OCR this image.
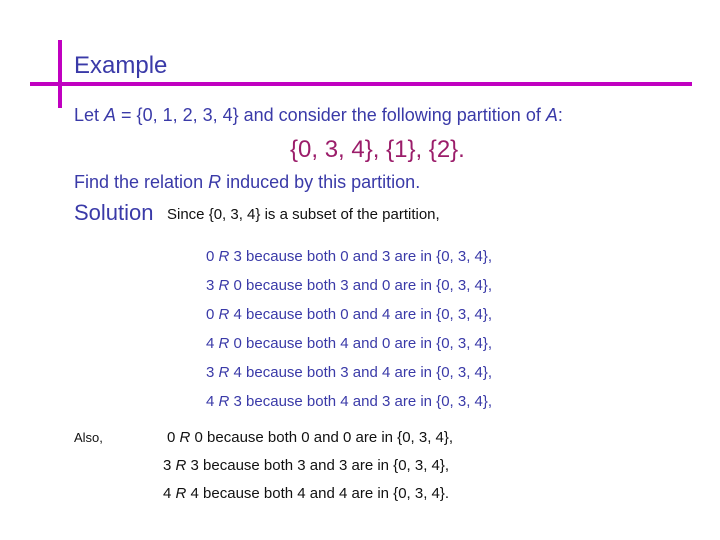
Example
Let A = {0, 1, 2, 3, 4} and consider the following partition of A:
{0, 3, 4}, {1}, {2}.
Find the relation R induced by this partition.
Solution Since {0, 3, 4} is a subset of the partition,
0 R 3 because both 0 and 3 are in {0, 3, 4},
3 R 0 because both 3 and 0 are in {0, 3, 4},
0 R 4 because both 0 and 4 are in {0, 3, 4},
4 R 0 because both 4 and 0 are in {0, 3, 4},
3 R 4 because both 3 and 4 are in {0, 3, 4},
4 R 3 because both 4 and 3 are in {0, 3, 4},
Also,	0 R 0 because both 0 and 0 are in {0, 3, 4},
3 R 3 because both 3 and 3 are in {0, 3, 4},
4 R 4 because both 4 and 4 are in {0, 3, 4}.
